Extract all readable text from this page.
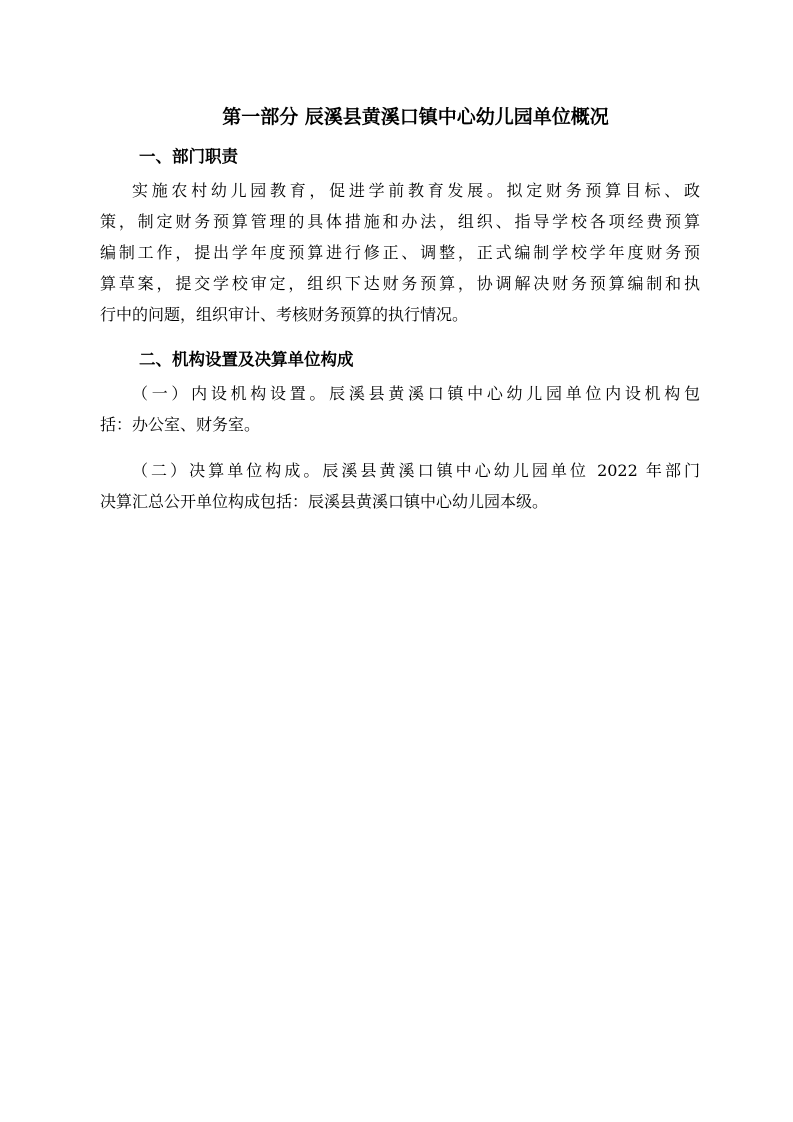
第一部分 辰溪县黄溪口镇中心幼儿园单位概况
一、部门职责
实施农村幼儿园教育，促进学前教育发展。拟定财务预算目标、政
策，制定财务预算管理的具体措施和办法，组织、指导学校各项经费预算
编制工作，提出学年度预算进行修正、调整，正式编制学校学年度财务预
算草案，提交学校审定，组织下达财务预算，协调解决财务预算编制和执
行中的问题，组织审计、考核财务预算的执行情况。
二、机构设置及决算单位构成
（一）内设机构设置。辰溪县黄溪口镇中心幼儿园单位内设机构包
括：办公室、财务室。
（二）决算单位构成。辰溪县黄溪口镇中心幼儿园单位 2022 年部门
决算汇总公开单位构成包括：辰溪县黄溪口镇中心幼儿园本级。
